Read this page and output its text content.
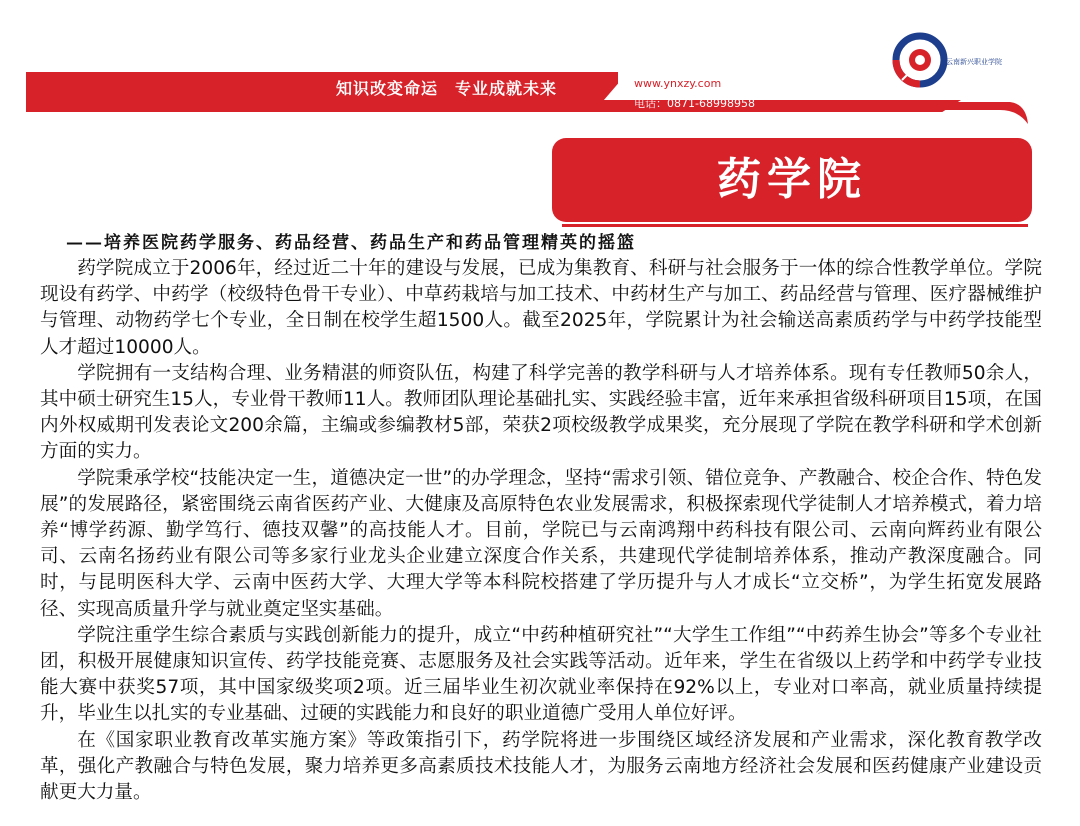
知识改变命运　专业成就未来	www.ynxzy.com
电话：0871-68998958
云南新兴职业学院
药学院
——培养医院药学服务、药品经营、药品生产和药品管理精英的摇篮

药学院成立于2006年，经过近二十年的建设与发展，已成为集教育、科研与社会服务于一体的综合性教学单位。学院现设有药学、中药学（校级特色骨干专业）、中草药栽培与加工技术、中药材生产与加工、药品经营与管理、医疗器械维护与管理、动物药学七个专业，全日制在校学生超1500人。截至2025年，学院累计为社会输送高素质药学与中药学技能型人才超过10000人。

学院拥有一支结构合理、业务精湛的师资队伍，构建了科学完善的教学科研与人才培养体系。现有专任教师50余人，其中硕士研究生15人，专业骨干教师11人。教师团队理论基础扎实、实践经验丰富，近年来承担省级科研项目15项，在国内外权威期刊发表论文200余篇，主编或参编教材5部，荣获2项校级教学成果奖，充分展现了学院在教学科研和学术创新方面的实力。

学院秉承学校“技能决定一生，道德决定一世”的办学理念，坚持“需求引领、错位竞争、产教融合、校企合作、特色发展”的发展路径，紧密围绕云南省医药产业、大健康及高原特色农业发展需求，积极探索现代学徒制人才培养模式，着力培养“博学药源、勤学笃行、德技双馨”的高技能人才。目前，学院已与云南鸿翔中药科技有限公司、云南向辉药业有限公司、云南名扬药业有限公司等多家行业龙头企业建立深度合作关系，共建现代学徒制培养体系，推动产教深度融合。同时，与昆明医科大学、云南中医药大学、大理大学等本科院校搭建了学历提升与人才成长“立交桥”，为学生拓宽发展路径、实现高质量升学与就业奠定坚实基础。

学院注重学生综合素质与实践创新能力的提升，成立“中药种植研究社”“大学生工作组”“中药养生协会”等多个专业社团，积极开展健康知识宣传、药学技能竞赛、志愿服务及社会实践等活动。近年来，学生在省级以上药学和中药学专业技能大赛中获奖57项，其中国家级奖项2项。近三届毕业生初次就业率保持在92%以上，专业对口率高，就业质量持续提升，毕业生以扎实的专业基础、过硬的实践能力和良好的职业道德广受用人单位好评。

在《国家职业教育改革实施方案》等政策指引下，药学院将进一步围绕区域经济发展和产业需求，深化教育教学改革，强化产教融合与特色发展，聚力培养更多高素质技术技能人才，为服务云南地方经济社会发展和医药健康产业建设贡献更大力量。
